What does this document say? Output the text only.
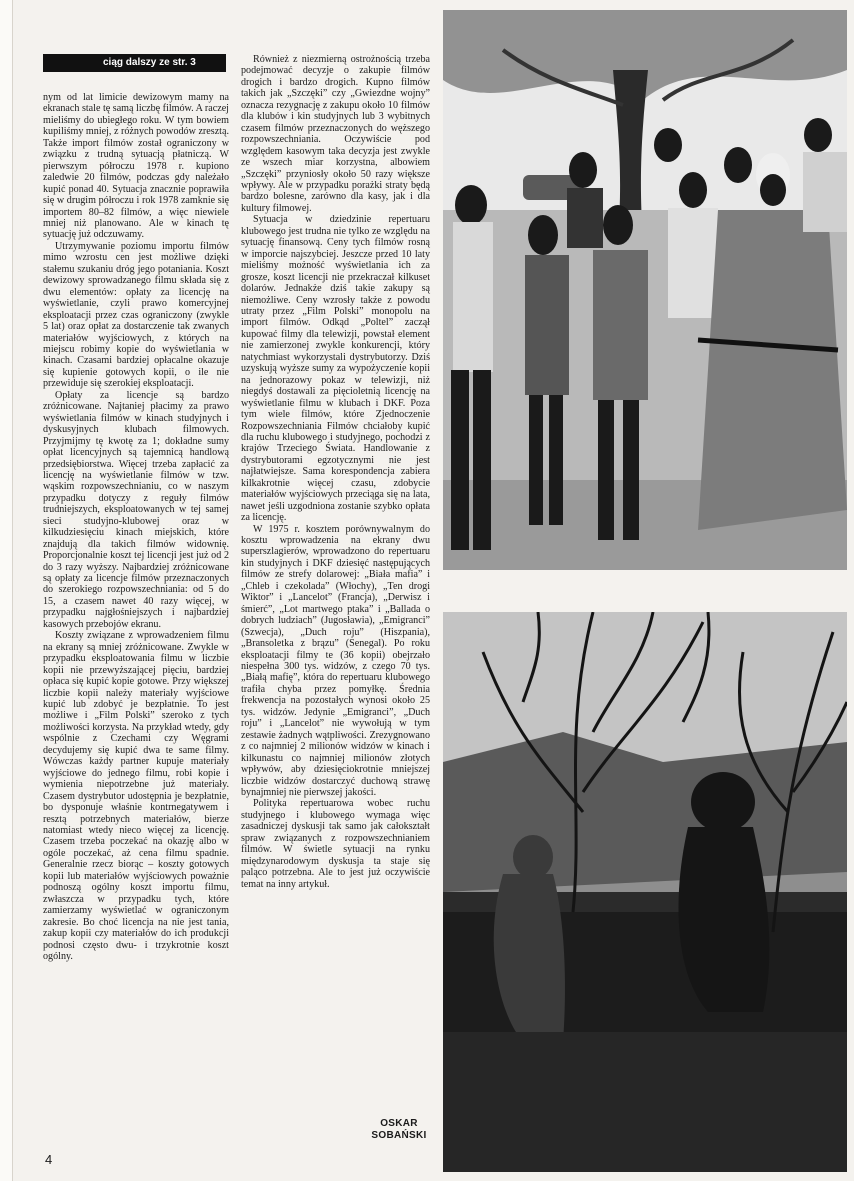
ciąg dalszy ze str. 3

nym od lat limicie dewizowym mamy na ekranach stale tę samą liczbę filmów. A raczej mieliśmy do ubiegłego roku. W tym bowiem kupiliśmy mniej, z różnych powodów zresztą. Także import filmów został ograniczony w związku z trudną sytuacją płatniczą. W pierwszym półroczu 1978 r. kupiono zaledwie 20 filmów, podczas gdy należało kupić ponad 40. Sytuacja znacznie poprawiła się w drugim półroczu i rok 1978 zamknie się importem 80–82 filmów, a więc niewiele mniej niż planowano. Ale w kinach tę sytuację już odczuwamy.

Utrzymywanie poziomu importu filmów mimo wzrostu cen jest możliwe dzięki stałemu szukaniu dróg jego potaniania. Koszt dewizowy sprowadzanego filmu składa się z dwu elementów: opłaty za licencję na wyświetlanie, czyli prawo komercyjnej eksploatacji przez czas ograniczony (zwykle 5 lat) oraz opłat za dostarczenie tak zwanych materiałów wyjściowych, z których na miejscu robimy kopie do wyświetlania w kinach. Czasami bardziej opłacalne okazuje się kupienie gotowych kopii, o ile nie przewiduje się szerokiej eksploatacji.

Opłaty za licencje są bardzo zróżnicowane. Najtaniej płacimy za prawo wyświetlania filmów w kinach studyjnych i dyskusyjnych klubach filmowych. Przyjmijmy tę kwotę za 1; dokładne sumy opłat licencyjnych są tajemnicą handlową przedsiębiorstwa. Więcej trzeba zapłacić za licencję na wyświetlanie filmów w tzw. wąskim rozpowszechnianiu, co w naszym przypadku dotyczy z reguły filmów trudniejszych, eksploatowanych w tej samej sieci studyjno-klubowej oraz w kilkudziesięciu kinach miejskich, które znajdują dla takich filmów widownię. Proporcjonalnie koszt tej licencji jest już od 2 do 3 razy wyższy. Najbardziej zróżnicowane są opłaty za licencje filmów przeznaczonych do szerokiego rozpowszechniania: od 5 do 15, a czasem nawet 40 razy więcej, w przypadku najgłośniejszych i najbardziej kasowych przebojów ekranu.

Koszty związane z wprowadzeniem filmu na ekrany są mniej zróżnicowane. Zwykle w przypadku eksploatowania filmu w liczbie kopii nie przewyższającej pięciu, bardziej opłaca się kupić kopie gotowe. Przy większej liczbie kopii należy materiały wyjściowe kupić lub zdobyć je bezpłatnie. To jest możliwe i „Film Polski” szeroko z tych możliwości korzysta. Na przykład wtedy, gdy wspólnie z Czechami czy Węgrami decydujemy się kupić dwa te same filmy. Wówczas każdy partner kupuje materiały wyjściowe do jednego filmu, robi kopie i wymienia niepotrzebne już materiały. Czasem dystrybutor udostępnia je bezpłatnie, bo dysponuje właśnie kontrnegatywem i resztą potrzebnych materiałów, bierze natomiast wtedy nieco więcej za licencję. Czasem trzeba poczekać na okazję albo w ogóle poczekać, aż cena filmu spadnie. Generalnie rzecz biorąc – koszty gotowych kopii lub materiałów wyjściowych poważnie podnoszą ogólny koszt importu filmu, zwłaszcza w przypadku tych, które zamierzamy wyświetlać w ograniczonym zakresie. Bo choć licencja na nie jest tania, zakup kopii czy materiałów do ich produkcji podnosi często dwu- i trzykrotnie koszt ogólny.

Również z niezmierną ostrożnością trzeba podejmować decyzje o zakupie filmów drogich i bardzo drogich. Kupno filmów takich jak „Szczęki” czy „Gwiezdne wojny” oznacza rezygnację z zakupu około 10 filmów dla klubów i kin studyjnych lub 3 wybitnych czasem filmów przeznaczonych do węższego rozpowszechniania. Oczywiście pod względem kasowym taka decyzja jest zwykle ze wszech miar korzystna, albowiem „Szczęki” przyniosły około 50 razy większe wpływy. Ale w przypadku porażki straty będą bardzo bolesne, zarówno dla kasy, jak i dla kultury filmowej.

Sytuacja w dziedzinie repertuaru klubowego jest trudna nie tylko ze względu na sytuację finansową. Ceny tych filmów rosną w imporcie najszybciej. Jeszcze przed 10 laty mieliśmy możność wyświetlania ich za grosze, koszt licencji nie przekraczał kilkuset dolarów. Jednakże dziś takie zakupy są niemożliwe. Ceny wzrosły także z powodu utraty przez „Film Polski” monopolu na import filmów. Odkąd „Poltel” zaczął kupować filmy dla telewizji, powstał element nie zamierzonej zwykle konkurencji, który natychmiast wykorzystali dystrybutorzy. Dziś uzyskują wyższe sumy za wypożyczenie kopii na jednorazowy pokaz w telewizji, niż niegdyś dostawali za pięcioletnią licencję na wyświetlanie filmu w klubach i DKF. Poza tym wiele filmów, które Zjednoczenie Rozpowszechniania Filmów chciałoby kupić dla ruchu klubowego i studyjnego, pochodzi z krajów Trzeciego Świata. Handlowanie z dystrybutorami egzotycznymi nie jest najłatwiejsze. Sama korespondencja zabiera kilkakrotnie więcej czasu, zdobycie materiałów wyjściowych przeciąga się na lata, nawet jeśli uzgodniona zostanie szybko opłata za licencję.

W 1975 r. kosztem porównywalnym do kosztu wprowadzenia na ekrany dwu superszlagierów, wprowadzono do repertuaru kin studyjnych i DKF dziesięć następujących filmów ze strefy dolarowej: „Biała mafia” i „Chleb i czekolada” (Włochy), „Ten drogi Wiktor” i „Lancelot” (Francja), „Derwisz i śmierć”, „Lot martwego ptaka” i „Ballada o dobrych ludziach” (Jugosławia), „Emigranci” (Szwecja), „Duch roju” (Hiszpania), „Bransoletka z brązu” (Senegal). Po roku eksploatacji filmy te (36 kopii) obejrzało niespełna 300 tys. widzów, z czego 70 tys. „Białą mafię”, która do repertuaru klubowego trafiła chyba przez pomyłkę. Średnia frekwencja na pozostałych wynosi około 25 tys. widzów. Jedynie „Emigranci”, „Duch roju” i „Lancelot” nie wywołują w tym zestawie żadnych wątpliwości. Zrezygnowano z co najmniej 2 milionów widzów w kinach i kilkunastu co najmniej milionów złotych wpływów, aby dziesięciokrotnie mniejszej liczbie widzów dostarczyć duchową strawę bynajmniej nie pierwszej jakości.

Polityka repertuarowa wobec ruchu studyjnego i klubowego wymaga więc zasadniczej dyskusji tak samo jak całokształt spraw związanych z rozpowszechnianiem filmów. W świetle sytuacji na rynku międzynarodowym dyskusja ta staje się paląco potrzebna. Ale to jest już oczywiście temat na inny artykuł.

OSKAR
SOBAŃSKI
4
